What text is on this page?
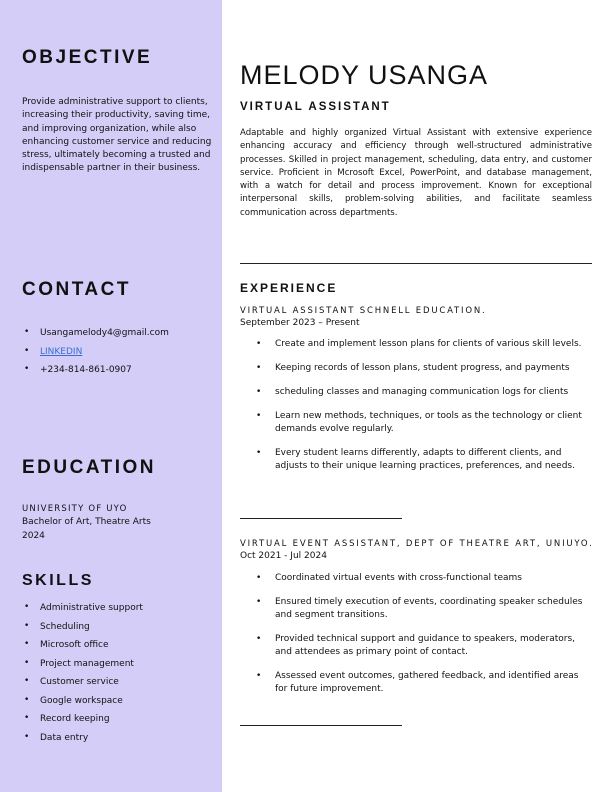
OBJECTIVE
Provide administrative support to clients, increasing their productivity, saving time, and improving organization, while also enhancing customer service and reducing stress, ultimately becoming a trusted and indispensable partner in their business.
CONTACT
• Usangamelody4@gmail.com
• LINKEDIN
• +234-814-861-0907
EDUCATION
UNIVERSITY OF UYO
Bachelor of Art, Theatre Arts
2024
SKILLS
• Administrative support
• Scheduling
• Microsoft office
• Project management
• Customer service
• Google workspace
• Record keeping
• Data entry
MELODY USANGA
VIRTUAL ASSISTANT
Adaptable and highly organized Virtual Assistant with extensive experience enhancing accuracy and efficiency through well-structured administrative processes. Skilled in project management, scheduling, data entry, and customer service. Proficient in Mcrosoft Excel, PowerPoint, and database management, with a watch for detail and process improvement. Known for exceptional interpersonal skills, problem-solving abilities, and facilitate seamless communication across departments.
EXPERIENCE
VIRTUAL ASSISTANT SCHNELL EDUCATION.
September 2023 – Present
• Create and implement lesson plans for clients of various skill levels.
• Keeping records of lesson plans, student progress, and payments
• scheduling classes and managing communication logs for clients
• Learn new methods, techniques, or tools as the technology or client demands evolve regularly.
• Every student learns differently, adapts to different clients, and adjusts to their unique learning practices, preferences, and needs.
VIRTUAL EVENT ASSISTANT, DEPT OF THEATRE ART, UNIUYO.
Oct 2021 - Jul 2024
• Coordinated virtual events with cross-functional teams
• Ensured timely execution of events, coordinating speaker schedules and segment transitions.
• Provided technical support and guidance to speakers, moderators, and attendees as primary point of contact.
• Assessed event outcomes, gathered feedback, and identified areas for future improvement.
